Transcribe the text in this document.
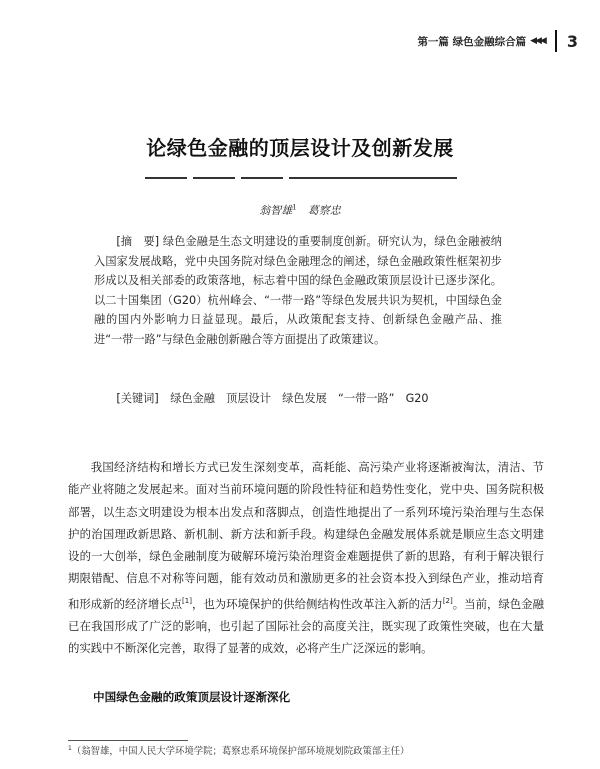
第一篇 绿色金融综合篇 ◀◀◀ 3
论绿色金融的顶层设计及创新发展
翁智雄$^1$　 葛察忠
[摘　要] 绿色金融是生态文明建设的重要制度创新。研究认为，绿色金融被纳入国家发展战略，党中央国务院对绿色金融理念的阐述，绿色金融政策性框架初步形成以及相关部委的政策落地，标志着中国的绿色金融政策顶层设计已逐步深化。以二十国集团（G20）杭州峰会、“一带一路”等绿色发展共识为契机，中国绿色金融的国内外影响力日益显现。最后，从政策配套支持、创新绿色金融产品、推进“一带一路”与绿色金融创新融合等方面提出了政策建议。
[关键词] 绿色金融　顶层设计　绿色发展　“一带一路”　G20
我国经济结构和增长方式已发生深刻变革，高耗能、高污染产业将逐渐被淘汰，清洁、节能产业将随之发展起来。面对当前环境问题的阶段性特征和趋势性变化，党中央、国务院积极部署，以生态文明建设为根本出发点和落脚点，创造性地提出了一系列环境污染治理与生态保护的治国理政新思路、新机制、新方法和新手段。构建绿色金融发展体系就是顺应生态文明建设的一大创举，绿色金融制度为破解环境污染治理资金难题提供了新的思路，有利于解决银行期限错配、信息不对称等问题，能有效动员和激励更多的社会资本投入到绿色产业，推动培育和形成新的经济增长点[1]，也为环境保护的供给侧结构性改革注入新的活力[2]。当前，绿色金融已在我国形成了广泛的影响，也引起了国际社会的高度关注，既实现了政策性突破，也在大量的实践中不断深化完善，取得了显著的成效，必将产生广泛深远的影响。
中国绿色金融的政策顶层设计逐渐深化
$^1$（翁智雄，中国人民大学环境学院；葛察忠系环境保护部环境规划院政策部主任）
